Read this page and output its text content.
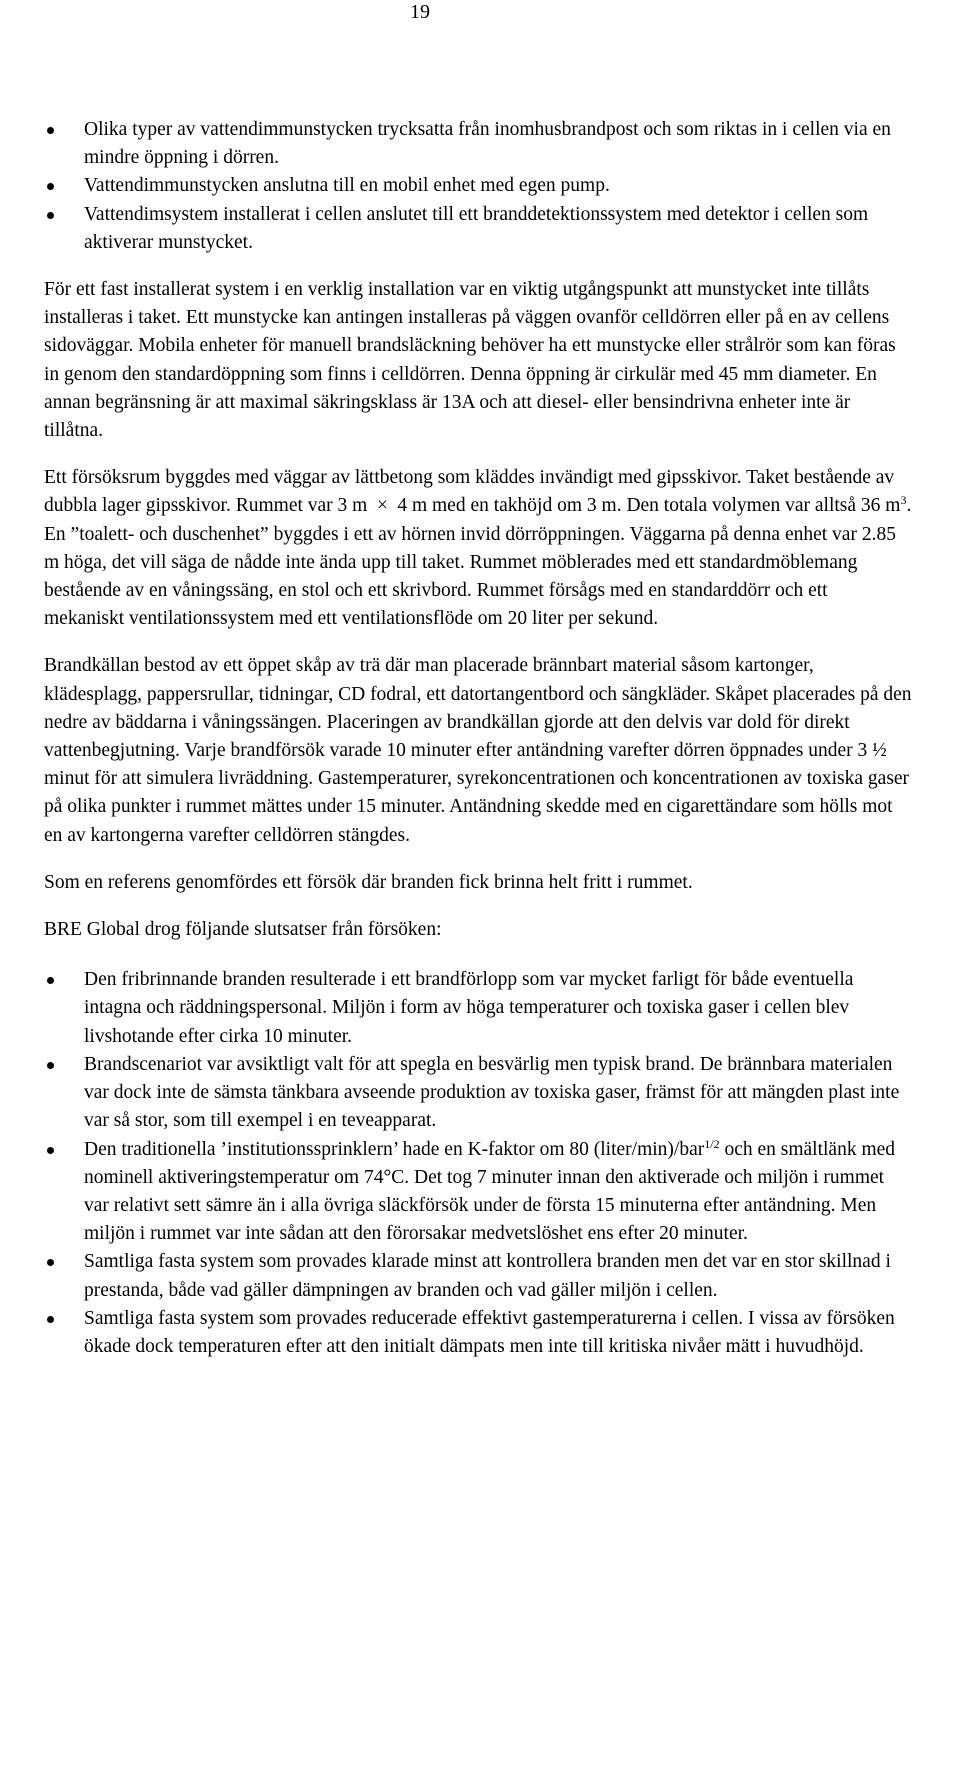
19
Olika typer av vattendimmunstycken trycksatta från inomhusbrandpost och som riktas in i cellen via en mindre öppning i dörren.
Vattendimmunstycken anslutna till en mobil enhet med egen pump.
Vattendimsystem installerat i cellen anslutet till ett branddetektionssystem med detektor i cellen som aktiverar munstycket.

För ett fast installerat system i en verklig installation var en viktig utgångspunkt att munstycket inte tillåts installeras i taket. Ett munstycke kan antingen installeras på väggen ovanför celldörren eller på en av cellens sidoväggar. Mobila enheter för manuell brandsläckning behöver ha ett munstycke eller strålrör som kan föras in genom den standardöppning som finns i celldörren. Denna öppning är cirkulär med 45 mm diameter. En annan begränsning är att maximal säkringsklass är 13A och att diesel- eller bensindrivna enheter inte är tillåtna.

Ett försöksrum byggdes med väggar av lättbetong som kläddes invändigt med gipsskivor. Taket bestående av dubbla lager gipsskivor. Rummet var 3 m × 4 m med en takhöjd om 3 m. Den totala volymen var alltså 36 $m^3$. En ”toalett- och duschenhet” byggdes i ett av hörnen invid dörröppningen. Väggarna på denna enhet var 2.85 m höga, det vill säga de nådde inte ända upp till taket. Rummet möblerades med ett standardmöblemang bestående av en våningssäng, en stol och ett skrivbord. Rummet försågs med en standarddörr och ett mekaniskt ventilationssystem med ett ventilationsflöde om 20 liter per sekund.

Brandkällan bestod av ett öppet skåp av trä där man placerade brännbart material såsom kartonger, klädesplagg, pappersrullar, tidningar, CD fodral, ett datortangentbord och sängkläder. Skåpet placerades på den nedre av bäddarna i våningssängen. Placeringen av brandkällan gjorde att den delvis var dold för direkt vattenbegjutning. Varje brandförsök varade 10 minuter efter antändning varefter dörren öppnades under 3 ½ minut för att simulera livräddning. Gastemperaturer, syrekoncentrationen och koncentrationen av toxiska gaser på olika punkter i rummet mättes under 15 minuter. Antändning skedde med en cigarettändare som hölls mot en av kartongerna varefter celldörren stängdes.

Som en referens genomfördes ett försök där branden fick brinna helt fritt i rummet.

BRE Global drog följande slutsatser från försöken:

Den fribrinnande branden resulterade i ett brandförlopp som var mycket farligt för både eventuella intagna och räddningspersonal. Miljön i form av höga temperaturer och toxiska gaser i cellen blev livshotande efter cirka 10 minuter.
Brandscenariot var avsiktligt valt för att spegla en besvärlig men typisk brand. De brännbara materialen var dock inte de sämsta tänkbara avseende produktion av toxiska gaser, främst för att mängden plast inte var så stor, som till exempel i en teveapparat.
Den traditionella ’institutionssprinklern’ hade en K-faktor om 80 (liter/min)/bar$^{1/2}$ och en smältlänk med nominell aktiveringstemperatur om 74°C. Det tog 7 minuter innan den aktiverade och miljön i rummet var relativt sett sämre än i alla övriga släckförsök under de första 15 minuterna efter antändning. Men miljön i rummet var inte sådan att den förorsakar medvetslöshet ens efter 20 minuter.
Samtliga fasta system som provades klarade minst att kontrollera branden men det var en stor skillnad i prestanda, både vad gäller dämpningen av branden och vad gäller miljön i cellen.
Samtliga fasta system som provades reducerade effektivt gastemperaturerna i cellen. I vissa av försöken ökade dock temperaturen efter att den initialt dämpats men inte till kritiska nivåer mätt i huvudhöjd.
